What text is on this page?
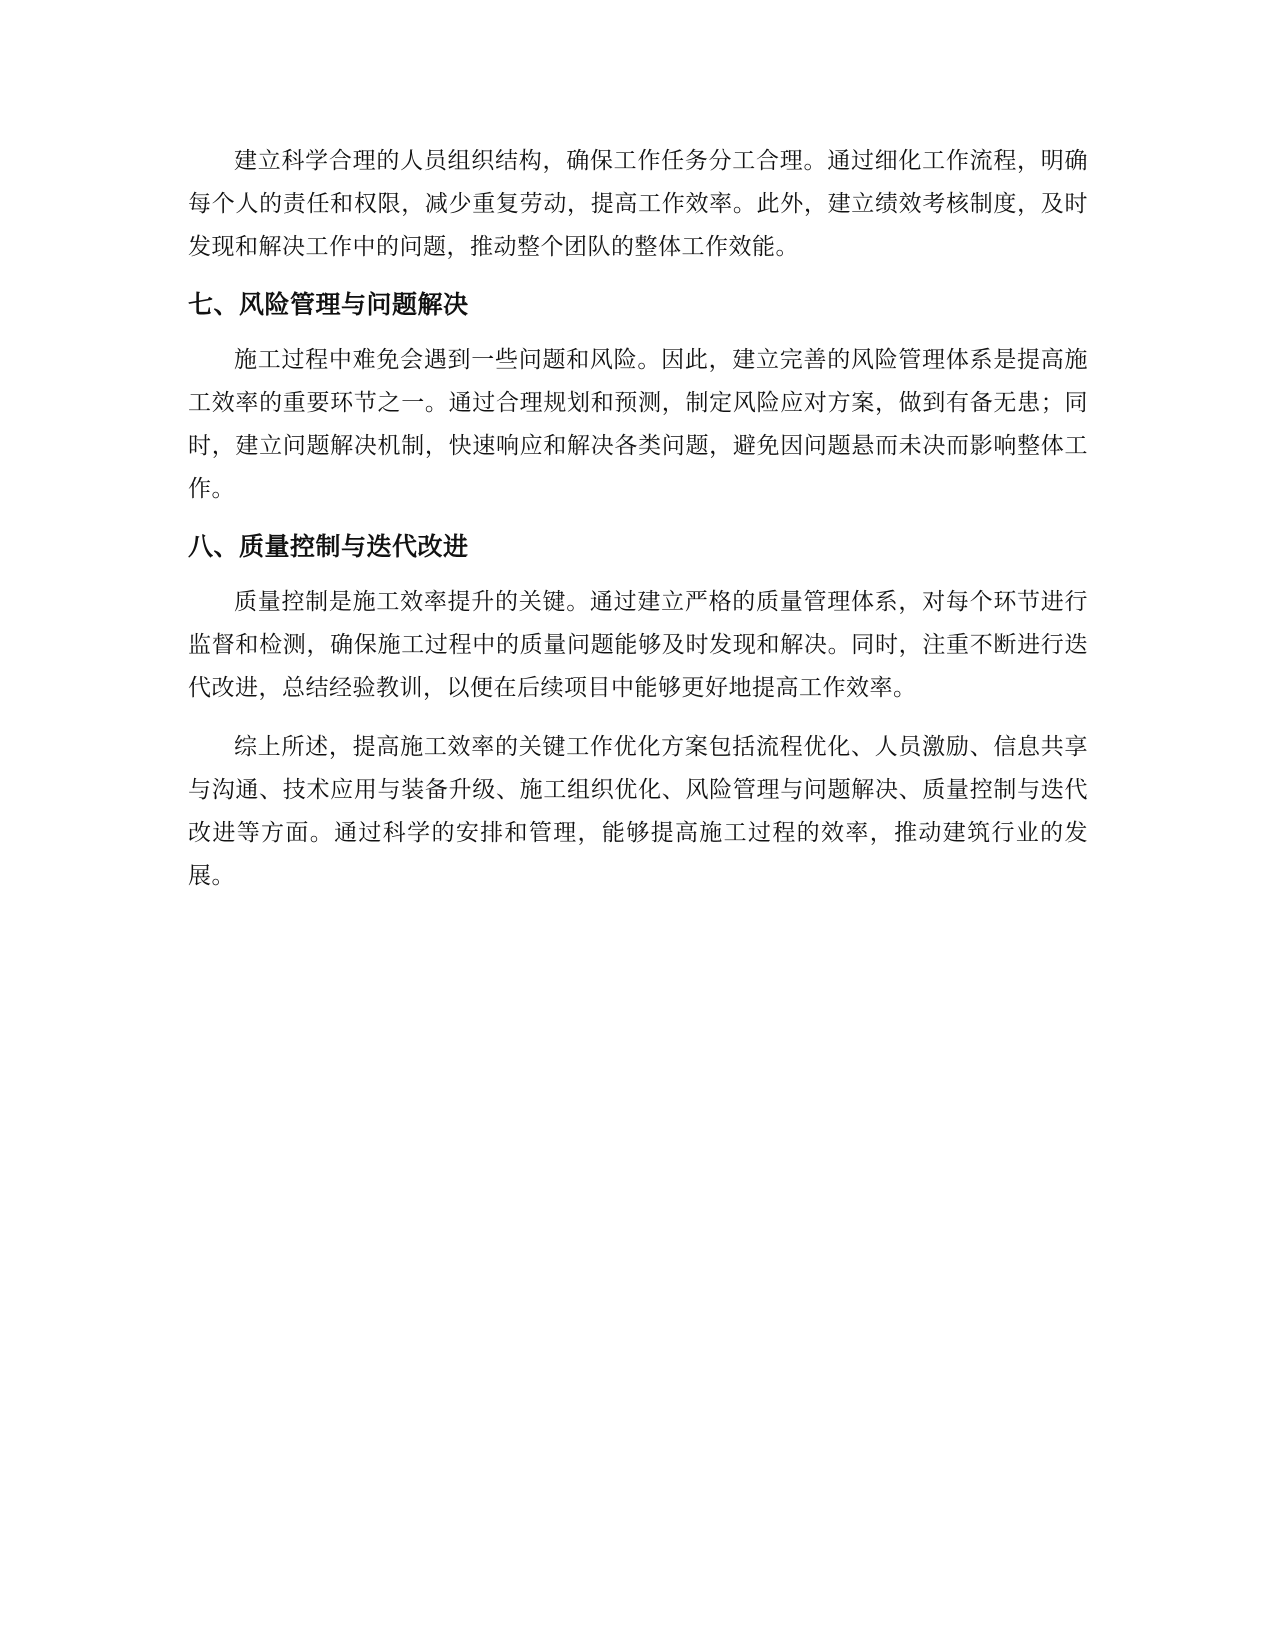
建立科学合理的人员组织结构，确保工作任务分工合理。通过细化工作流程，明确每个人的责任和权限，减少重复劳动，提高工作效率。此外，建立绩效考核制度，及时发现和解决工作中的问题，推动整个团队的整体工作效能。

七、风险管理与问题解决

施工过程中难免会遇到一些问题和风险。因此，建立完善的风险管理体系是提高施工效率的重要环节之一。通过合理规划和预测，制定风险应对方案，做到有备无患；同时，建立问题解决机制，快速响应和解决各类问题，避免因问题悬而未决而影响整体工作。

八、质量控制与迭代改进

质量控制是施工效率提升的关键。通过建立严格的质量管理体系，对每个环节进行监督和检测，确保施工过程中的质量问题能够及时发现和解决。同时，注重不断进行迭代改进，总结经验教训，以便在后续项目中能够更好地提高工作效率。

综上所述，提高施工效率的关键工作优化方案包括流程优化、人员激励、信息共享与沟通、技术应用与装备升级、施工组织优化、风险管理与问题解决、质量控制与迭代改进等方面。通过科学的安排和管理，能够提高施工过程的效率，推动建筑行业的发展。
